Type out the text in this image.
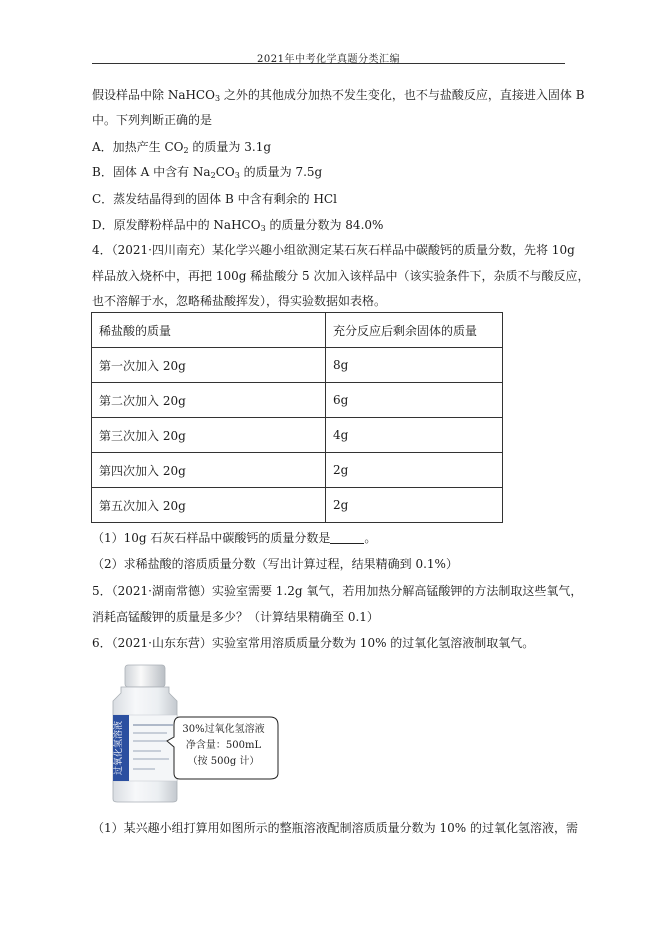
2021年中考化学真题分类汇编
假设样品中除 NaHCO$_3$ 之外的其他成分加热不发生变化，也不与盐酸反应，直接进入固体 B
中。下列判断正确的是
A．加热产生 $CO_2$ 的质量为 3.1g
B．固体 A 中含有 $Na_2CO_3$ 的质量为 7.5g
C．蒸发结晶得到的固体 B 中含有剩余的 HCl
D．原发酵粉样品中的 NaHCO$_3$ 的质量分数为 84.0%
4．（2021·四川南充）某化学兴趣小组欲测定某石灰石样品中碳酸钙的质量分数，先将 10g
样品放入烧杯中，再把 100g 稀盐酸分 5 次加入该样品中（该实验条件下，杂质不与酸反应，
也不溶解于水，忽略稀盐酸挥发），得实验数据如表格。
稀盐酸的质量	充分反应后剩余固体的质量
第一次加入 20g	8g
第二次加入 20g	6g
第三次加入 20g	4g
第四次加入 20g	2g
第五次加入 20g	2g
（1）10g 石灰石样品中碳酸钙的质量分数是	。
（2）求稀盐酸的溶质质量分数（写出计算过程，结果精确到 0.1%）
5．（2021·湖南常德）实验室需要 1.2g 氧气，若用加热分解高锰酸钾的方法制取这些氧气，
消耗高锰酸钾的质量是多少？（计算结果精确至 0.1）
6．（2021·山东东营）实验室常用溶质质量分数为 10% 的过氧化氢溶液制取氧气。
过氧化氢溶液	30%过氧化氢溶液
净含量：500mL
（按 500g 计）
（1）某兴趣小组打算用如图所示的整瓶溶液配制溶质质量分数为 10% 的过氧化氢溶液，需
